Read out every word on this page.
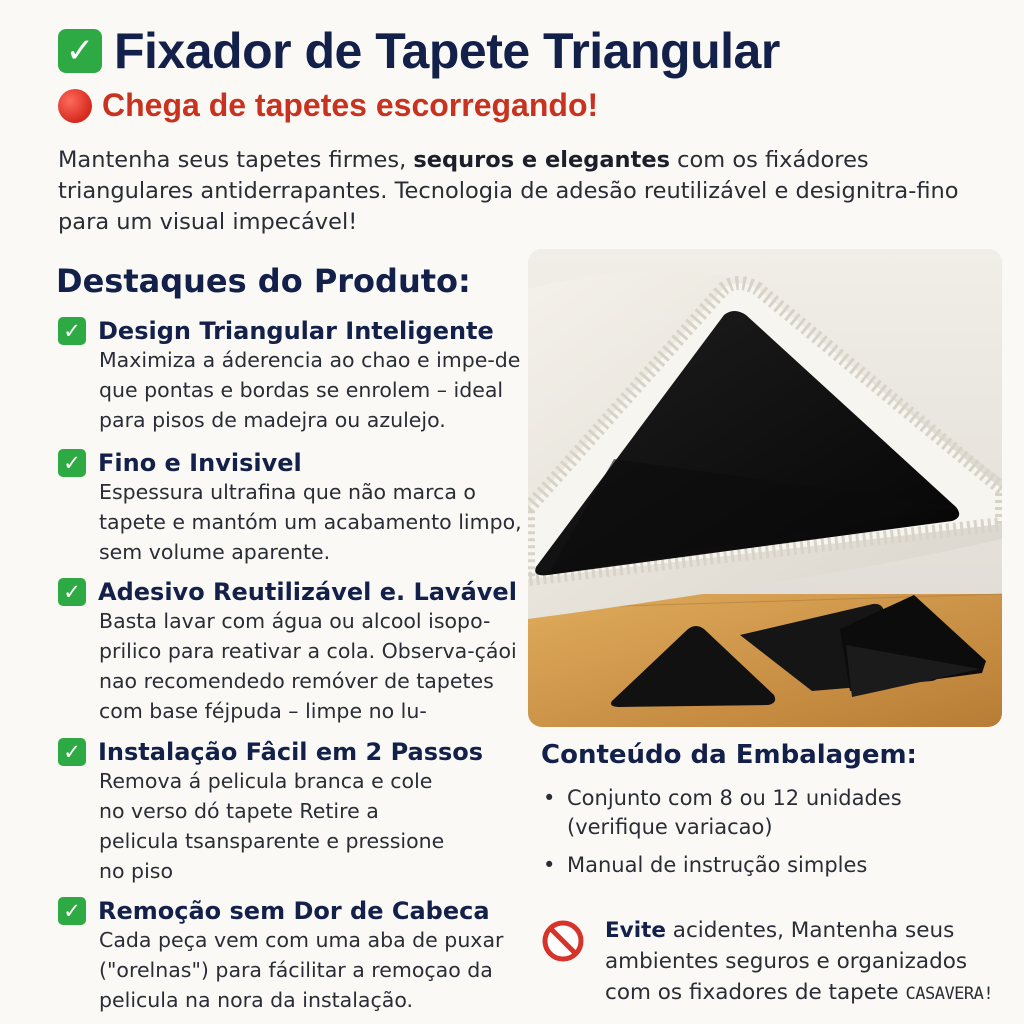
✓ Fixador de Tapete Triangular
Chega de tapetes escorregando!
Mantenha seus tapetes firmes, sequros e elegantes com os fixádores triangulares antiderrapantes. Tecnologia de adesão reutilizável e designitra-fino para um visual impecável!
Destaques do Produto:
✓ Design Triangular Inteligente
Maximiza a áderencia ao chao e impe-de que pontas e bordas se enrolem – ideal para pisos de madejra ou azulejo.
✓ Fino e Invisivel
Espessura ultrafina que não marca o tapete e mantóm um acabamento limpo, sem volume aparente.
✓ Adesivo Reutilizável e. Lavável
Basta lavar com água ou alcool isopo-prilico para reativar a cola. Observa-çáoi nao recomendedo remóver de tapetes com base féjpuda – limpe no lu-
✓ Instalação Fâcil em 2 Passos
Remova á pelicula branca e cole no verso dó tapete Retire a pelicula tsansparente e pressione no piso
✓ Remoção sem Dor de Cabeca
Cada peça vem com uma aba de puxar ("orelnas") para fácilitar a remoçao da pelicula na nora da instalação.
Conteúdo da Embalagem:
• Conjunto com 8 ou 12 unidades (verifique variacao)
• Manual de instrução simples
Evite acidentes, Mantenha seus ambientes seguros e organizados com os fixadores de tapete CASAVERA!
